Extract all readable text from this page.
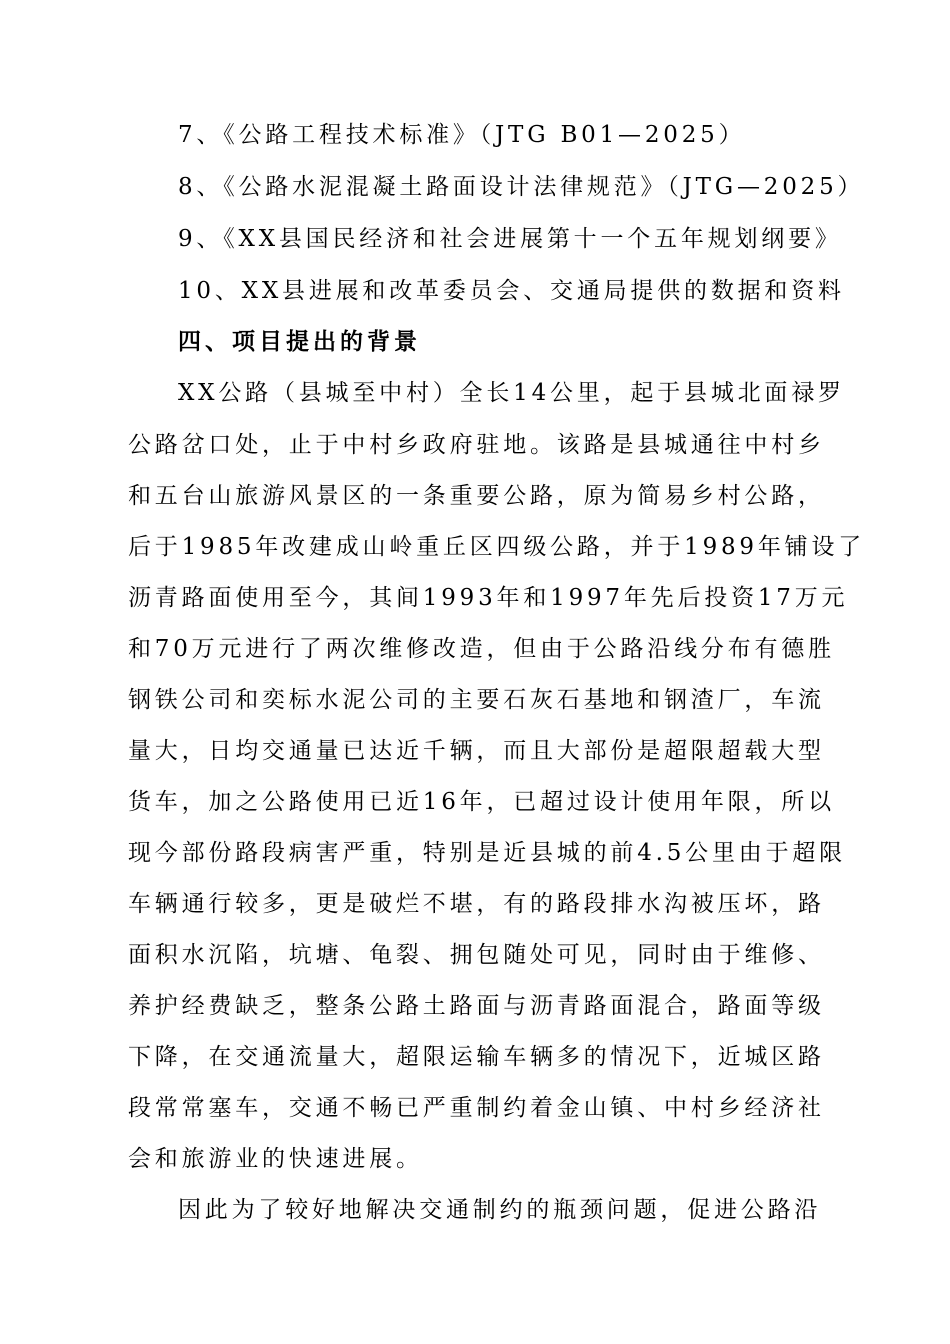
7、《公路工程技术标准》（JTG B01—2025）
8、《公路水泥混凝土路面设计法律规范》（JTG—2025）
9、《XX县国民经济和社会进展第十一个五年规划纲要》
10、XX县进展和改革委员会、交通局提供的数据和资料
四、项目提出的背景
XX公路（县城至中村）全长14公里，起于县城北面禄罗
公路岔口处，止于中村乡政府驻地。该路是县城通往中村乡
和五台山旅游风景区的一条重要公路，原为简易乡村公路，
后于1985年改建成山岭重丘区四级公路，并于1989年铺设了
沥青路面使用至今，其间1993年和1997年先后投资17万元
和70万元进行了两次维修改造，但由于公路沿线分布有德胜
钢铁公司和奕标水泥公司的主要石灰石基地和钢渣厂，车流
量大，日均交通量已达近千辆，而且大部份是超限超载大型
货车，加之公路使用已近16年，已超过设计使用年限，所以
现今部份路段病害严重，特别是近县城的前4.5公里由于超限
车辆通行较多，更是破烂不堪，有的路段排水沟被压坏，路
面积水沉陷，坑塘、龟裂、拥包随处可见，同时由于维修、
养护经费缺乏，整条公路土路面与沥青路面混合，路面等级
下降，在交通流量大，超限运输车辆多的情况下，近城区路
段常常塞车，交通不畅已严重制约着金山镇、中村乡经济社
会和旅游业的快速进展。
因此为了较好地解决交通制约的瓶颈问题，促进公路沿
